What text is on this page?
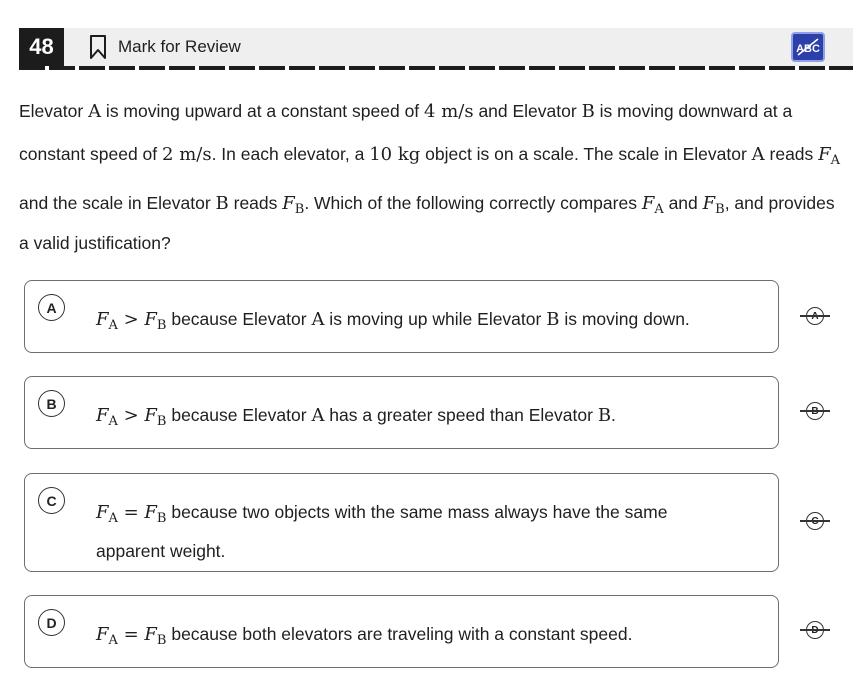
48	Mark for Review	ABC
Elevator A is moving upward at a constant speed of 4 m/s and Elevator B is moving downward at a
constant speed of 2 m/s. In each elevator, a 10 kg object is on a scale. The scale in Elevator A reads $F_A$
and the scale in Elevator B reads $F_B$. Which of the following correctly compares $F_A$ and $F_B$, and provides
a valid justification?
A
$F_A > F_B$ because Elevator A is moving up while Elevator B is moving down.
B
$F_A > F_B$ because Elevator A has a greater speed than Elevator B.
C
$F_A = F_B$ because two objects with the same mass always have the same
apparent weight.
D
$F_A = F_B$ because both elevators are traveling with a constant speed.
